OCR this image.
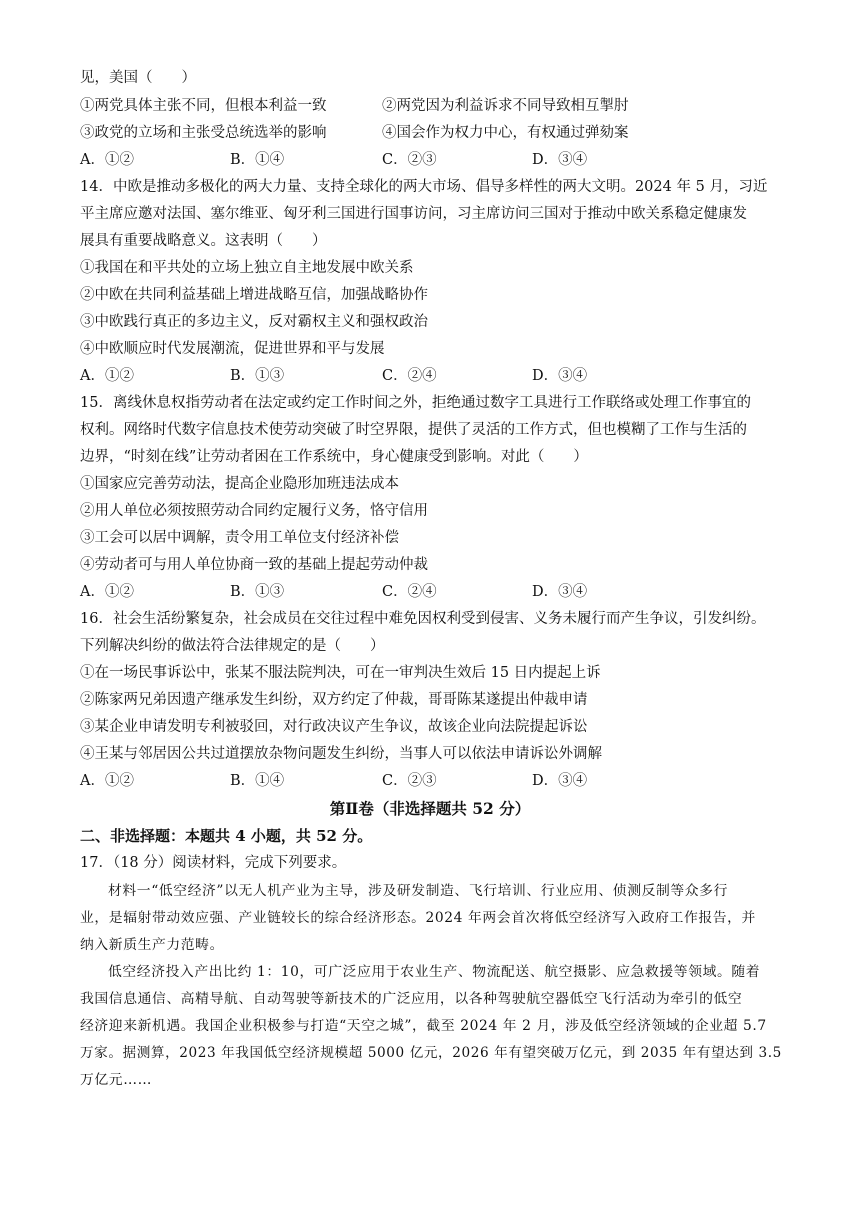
见，美国（　　）
①两党具体主张不同，但根本利益一致	②两党因为利益诉求不同导致相互掣肘
③政党的立场和主张受总统选举的影响	④国会作为权力中心，有权通过弹劾案
A．①②	B．①④	C．②③	D．③④
14．中欧是推动多极化的两大力量、支持全球化的两大市场、倡导多样性的两大文明。2024 年 5 月，习近
平主席应邀对法国、塞尔维亚、匈牙利三国进行国事访问，习主席访问三国对于推动中欧关系稳定健康发
展具有重要战略意义。这表明（　　）
①我国在和平共处的立场上独立自主地发展中欧关系
②中欧在共同利益基础上增进战略互信，加强战略协作
③中欧践行真正的多边主义，反对霸权主义和强权政治
④中欧顺应时代发展潮流，促进世界和平与发展
A．①②	B．①③	C．②④	D．③④
15．离线休息权指劳动者在法定或约定工作时间之外，拒绝通过数字工具进行工作联络或处理工作事宜的
权利。网络时代数字信息技术使劳动突破了时空界限，提供了灵活的工作方式，但也模糊了工作与生活的
边界，“时刻在线”让劳动者困在工作系统中，身心健康受到影响。对此（　　）
①国家应完善劳动法，提高企业隐形加班违法成本
②用人单位必须按照劳动合同约定履行义务，恪守信用
③工会可以居中调解，责令用工单位支付经济补偿
④劳动者可与用人单位协商一致的基础上提起劳动仲裁
A．①②	B．①③	C．②④	D．③④
16．社会生活纷繁复杂，社会成员在交往过程中难免因权利受到侵害、义务未履行而产生争议，引发纠纷。
下列解决纠纷的做法符合法律规定的是（　　）
①在一场民事诉讼中，张某不服法院判决，可在一审判决生效后 15 日内提起上诉
②陈家两兄弟因遗产继承发生纠纷，双方约定了仲裁，哥哥陈某遂提出仲裁申请
③某企业申请发明专利被驳回，对行政决议产生争议，故该企业向法院提起诉讼
④王某与邻居因公共过道摆放杂物问题发生纠纷，当事人可以依法申请诉讼外调解
A．①②	B．①④	C．②③	D．③④
第Ⅱ卷（非选择题共 52 分）
二、非选择题：本题共 4 小题，共 52 分。
17．（18 分）阅读材料，完成下列要求。
材料一“低空经济”以无人机产业为主导，涉及研发制造、飞行培训、行业应用、侦测反制等众多行
业，是辐射带动效应强、产业链较长的综合经济形态。2024 年两会首次将低空经济写入政府工作报告，并
纳入新质生产力范畴。
低空经济投入产出比约 1：10，可广泛应用于农业生产、物流配送、航空摄影、应急救援等领域。随着
我国信息通信、高精导航、自动驾驶等新技术的广泛应用，以各种驾驶航空器低空飞行活动为牵引的低空
经济迎来新机遇。我国企业积极参与打造“天空之城”，截至 2024 年 2 月，涉及低空经济领域的企业超 5.7
万家。据测算，2023 年我国低空经济规模超 5000 亿元，2026 年有望突破万亿元，到 2035 年有望达到 3.5
万亿元……
